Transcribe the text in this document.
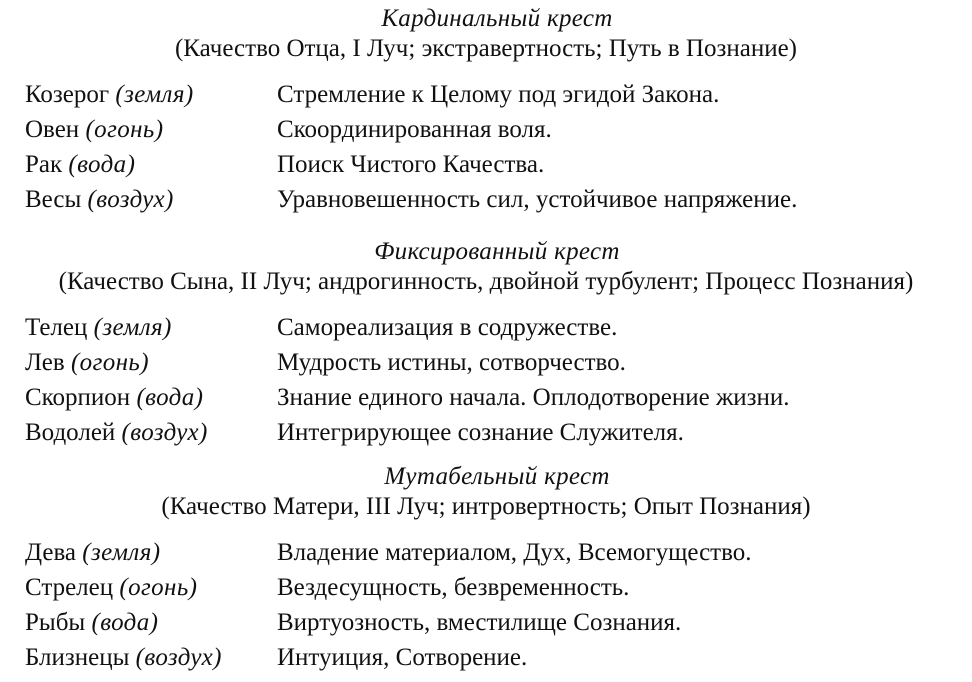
Кардинальный крест
(Качество Отца, I Луч; экстравертность; Путь в Познание)
Козерог (земля)	Стремление к Целому под эгидой Закона.
Овен (огонь)	Скоординированная воля.
Рак (вода)	Поиск Чистого Качества.
Весы (воздух)	Уравновешенность сил, устойчивое напряжение.
Фиксированный крест
(Качество Сына, II Луч; андрогинность, двойной турбулент; Процесс Познания)
Телец (земля)	Самореализация в содружестве.
Лев (огонь)	Мудрость истины, сотворчество.
Скорпион (вода)	Знание единого начала. Оплодотворение жизни.
Водолей (воздух)	Интегрирующее сознание Служителя.
Мутабельный крест
(Качество Матери, III Луч; интровертность; Опыт Познания)
Дева (земля)	Владение материалом, Дух, Всемогущество.
Стрелец (огонь)	Вездесущность, безвременность.
Рыбы (вода)	Виртуозность, вместилище Сознания.
Близнецы (воздух) Интуиция, Сотворение.
